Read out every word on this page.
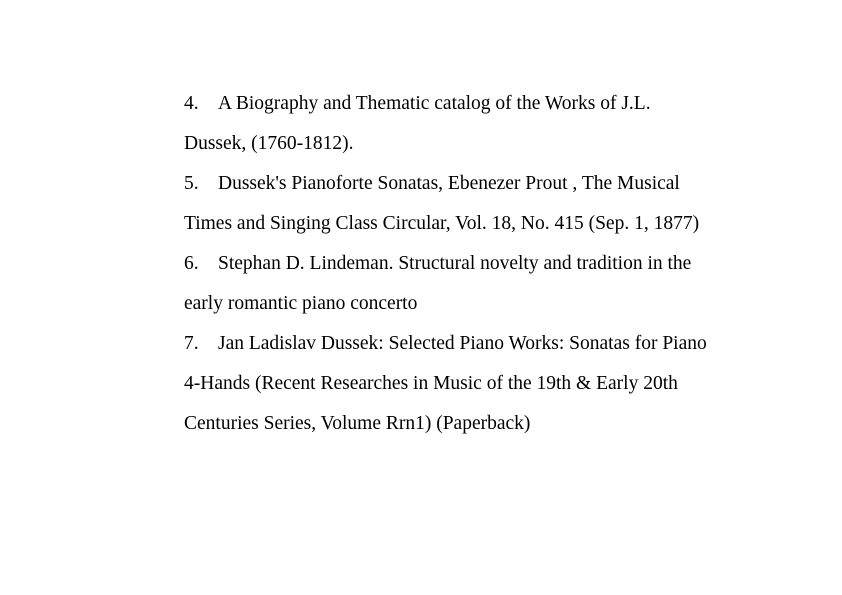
4. A Biography and Thematic catalog of the Works of J.L. Dussek, (1760-1812).

5. Dussek's Pianoforte Sonatas, Ebenezer Prout , The Musical Times and Singing Class Circular, Vol. 18, No. 415 (Sep. 1, 1877)

6. Stephan D. Lindeman. Structural novelty and tradition in the early romantic piano concerto

7. Jan Ladislav Dussek: Selected Piano Works: Sonatas for Piano 4-Hands (Recent Researches in Music of the 19th & Early 20th Centuries Series, Volume Rrn1) (Paperback)
